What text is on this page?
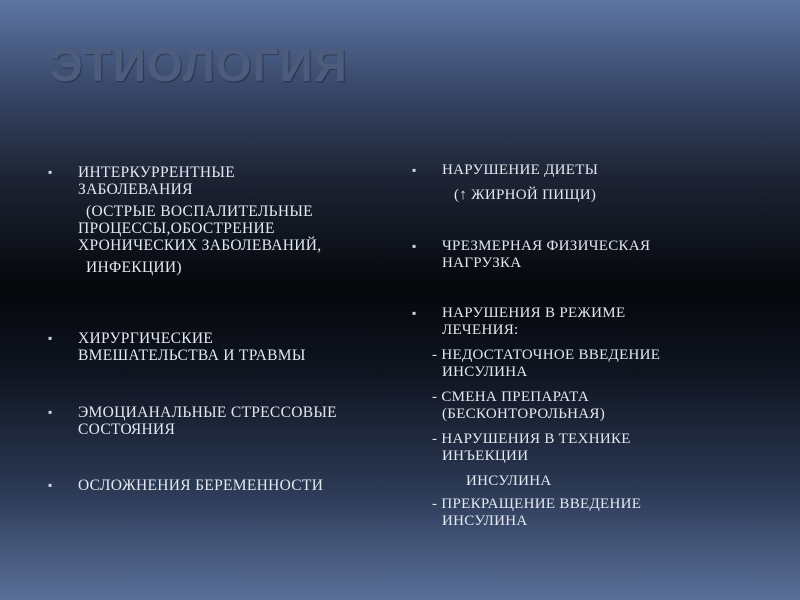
ЭТИОЛОГИЯ
▪ ИНТЕРКУРРЕНТНЫЕ
ЗАБОЛЕВАНИЯ
(ОСТРЫЕ ВОСПАЛИТЕЛЬНЫЕ
ПРОЦЕССЫ,ОБОСТРЕНИЕ
ХРОНИЧЕСКИХ ЗАБОЛЕВАНИЙ,
ИНФЕКЦИИ)
▪ ХИРУРГИЧЕСКИЕ
ВМЕШАТЕЛЬСТВА И ТРАВМЫ
▪ ЭМОЦИАНАЛЬНЫЕ СТРЕССОВЫЕ
СОСТОЯНИЯ
▪ ОСЛОЖНЕНИЯ БЕРЕМЕННОСТИ
▪ НАРУШЕНИЕ ДИЕТЫ
(↑ ЖИРНОЙ ПИЩИ)
▪ ЧРЕЗМЕРНАЯ ФИЗИЧЕСКАЯ
НАГРУЗКА
▪ НАРУШЕНИЯ В РЕЖИМЕ
ЛЕЧЕНИЯ:
- НЕДОСТАТОЧНОЕ ВВЕДЕНИЕ
ИНСУЛИНА
- СМЕНА ПРЕПАРАТА
(БЕСКОНТОРОЛЬНАЯ)
- НАРУШЕНИЯ В ТЕХНИКЕ
ИНЪЕКЦИИ
ИНСУЛИНА
- ПРЕКРАЩЕНИЕ ВВЕДЕНИЕ
ИНСУЛИНА
